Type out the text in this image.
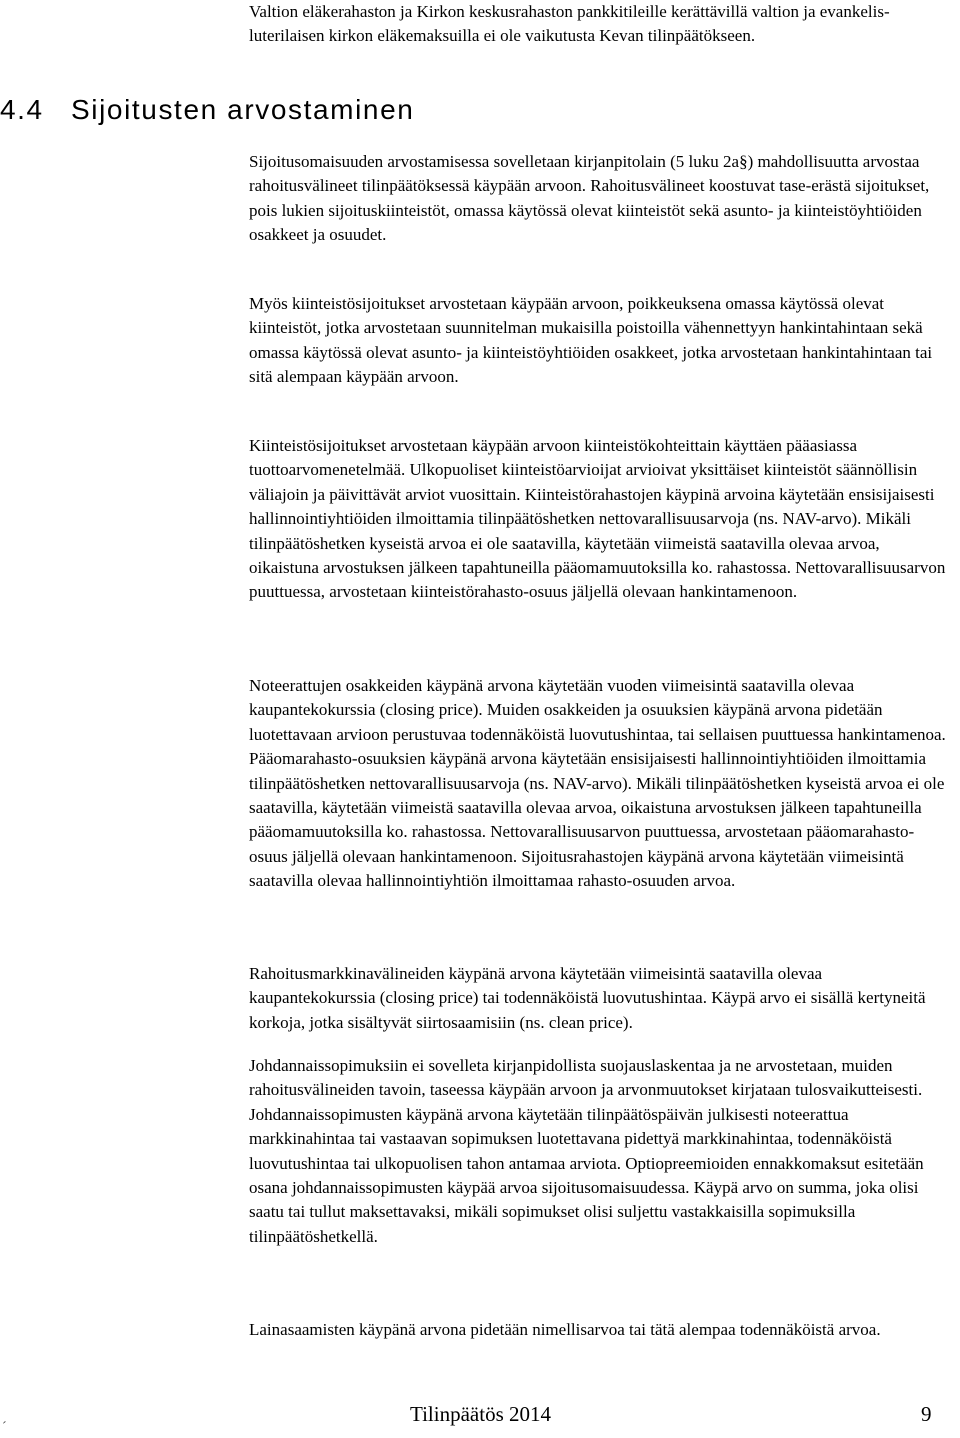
Valtion eläkerahaston ja Kirkon keskusrahaston pankkitileille kerättävillä valtion ja evankelis-luterilaisen kirkon eläkemaksuilla ei ole vaikutusta Kevan tilinpäätökseen.

4.4 Sijoitusten arvostaminen

Sijoitusomaisuuden arvostamisessa sovelletaan kirjanpitolain (5 luku 2a§) mahdollisuutta arvostaa rahoitusvälineet tilinpäätöksessä käypään arvoon. Rahoitusvälineet koostuvat tase-erästä sijoitukset, pois lukien sijoituskiinteistöt, omassa käytössä olevat kiinteistöt sekä asunto- ja kiinteistöyhtiöiden osakkeet ja osuudet.

Myös kiinteistösijoitukset arvostetaan käypään arvoon, poikkeuksena omassa käytössä olevat kiinteistöt, jotka arvostetaan suunnitelman mukaisilla poistoilla vähennettyyn hankintahintaan sekä omassa käytössä olevat asunto- ja kiinteistöyhtiöiden osakkeet, jotka arvostetaan hankintahintaan tai sitä alempaan käypään arvoon.

Kiinteistösijoitukset arvostetaan käypään arvoon kiinteistökohteittain käyttäen pääasiassa tuottoarvomenetelmää. Ulkopuoliset kiinteistöarvioijat arvioivat yksittäiset kiinteistöt säännöllisin väliajoin ja päivittävät arviot vuosittain. Kiinteistörahastojen käypinä arvoina käytetään ensisijaisesti hallinnointiyhtiöiden ilmoittamia tilinpäätöshetken nettovarallisuusarvoja (ns. NAV-arvo). Mikäli tilinpäätöshetken kyseistä arvoa ei ole saatavilla, käytetään viimeistä saatavilla olevaa arvoa, oikaistuna arvostuksen jälkeen tapahtuneilla pääomamuutoksilla ko. rahastossa. Nettovarallisuusarvon puuttuessa, arvostetaan kiinteistörahasto-osuus jäljellä olevaan hankintamenoon.

Noteerattujen osakkeiden käypänä arvona käytetään vuoden viimeisintä saatavilla olevaa kaupantekokurssia (closing price). Muiden osakkeiden ja osuuksien käypänä arvona pidetään luotettavaan arvioon perustuvaa todennäköistä luovutushintaa, tai sellaisen puuttuessa hankintamenoa. Pääomarahasto-osuuksien käypänä arvona käytetään ensisijaisesti hallinnointiyhtiöiden ilmoittamia tilinpäätöshetken nettovarallisuusarvoja (ns. NAV-arvo). Mikäli tilinpäätöshetken kyseistä arvoa ei ole saatavilla, käytetään viimeistä saatavilla olevaa arvoa, oikaistuna arvostuksen jälkeen tapahtuneilla pääomamuutoksilla ko. rahastossa. Nettovarallisuusarvon puuttuessa, arvostetaan pääomarahasto-osuus jäljellä olevaan hankintamenoon. Sijoitusrahastojen käypänä arvona käytetään viimeisintä saatavilla olevaa hallinnointiyhtiön ilmoittamaa rahasto-osuuden arvoa.

Rahoitusmarkkinavälineiden käypänä arvona käytetään viimeisintä saatavilla olevaa kaupantekokurssia (closing price) tai todennäköistä luovutushintaa. Käypä arvo ei sisällä kertyneitä korkoja, jotka sisältyvät siirtosaamisiin (ns. clean price).

Johdannaissopimuksiin ei sovelleta kirjanpidollista suojauslaskentaa ja ne arvostetaan, muiden rahoitusvälineiden tavoin, taseessa käypään arvoon ja arvonmuutokset kirjataan tulosvaikutteisesti. Johdannaissopimusten käypänä arvona käytetään tilinpäätöspäivän julkisesti noteerattua markkinahintaa tai vastaavan sopimuksen luotettavana pidettyä markkinahintaa, todennäköistä luovutushintaa tai ulkopuolisen tahon antamaa arviota. Optiopreemioiden ennakkomaksut esitetään osana johdannaissopimusten käypää arvoa sijoitusomaisuudessa. Käypä arvo on summa, joka olisi saatu tai tullut maksettavaksi, mikäli sopimukset olisi suljettu vastakkaisilla sopimuksilla tilinpäätöshetkellä.

Lainasaamisten käypänä arvona pidetään nimellisarvoa tai tätä alempaa todennäköistä arvoa.

Tilinpäätös 2014	9

´
